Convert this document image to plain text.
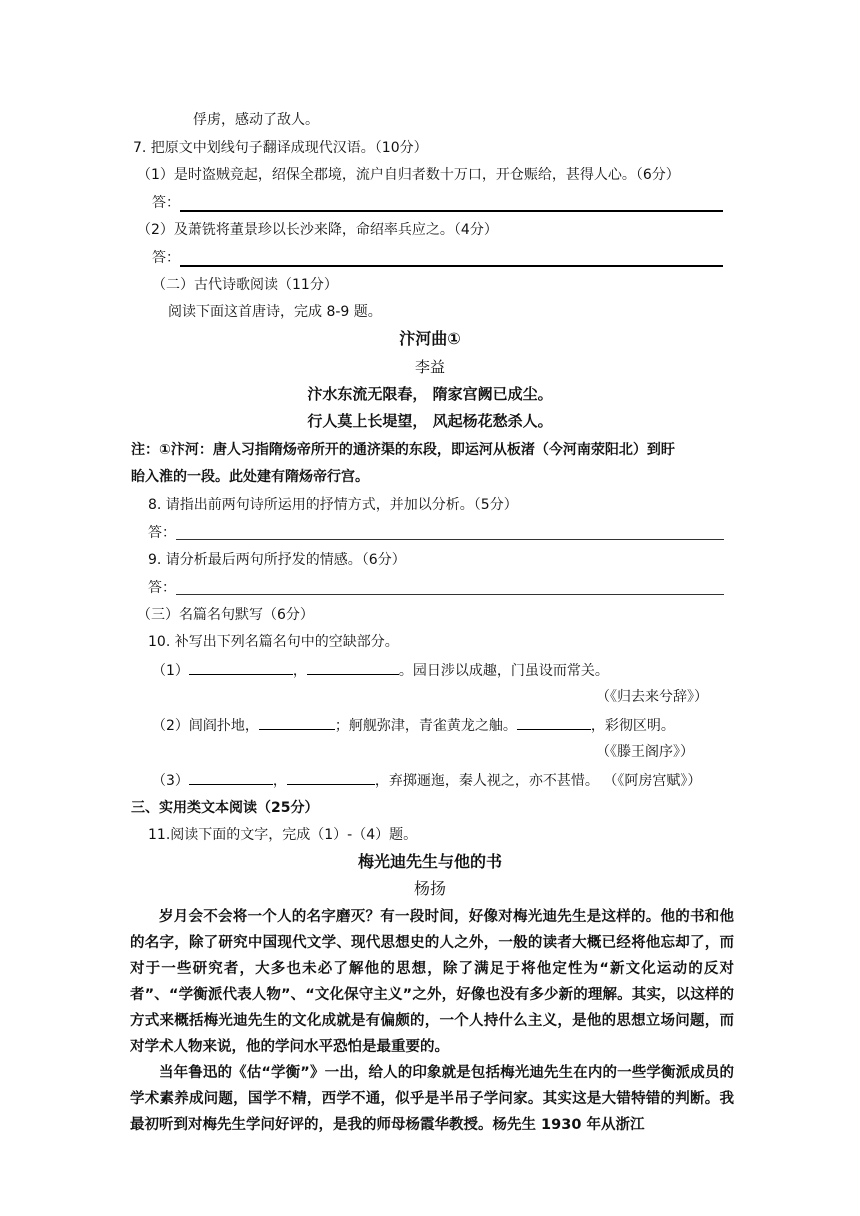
俘虏，感动了敌人。
7. 把原文中划线句子翻译成现代汉语。（10分）
（1）是时盗贼竞起，绍保全郡境，流户自归者数十万口，开仓赈给，甚得人心。（6分）
答：
（2）及萧铣将董景珍以长沙来降，命绍率兵应之。（4分）
答：
（二）古代诗歌阅读（11分）
阅读下面这首唐诗，完成 8-9 题。
汴河曲①
李益
汴水东流无限春， 隋家宫阙已成尘。
行人莫上长堤望， 风起杨花愁杀人。
注：①汴河：唐人习指隋炀帝所开的通济渠的东段，即运河从板渚（今河南荥阳北）到盱
眙入淮的一段。此处建有隋炀帝行宫。
8. 请指出前两句诗所运用的抒情方式，并加以分析。（5分）
答：
9. 请分析最后两句所抒发的情感。（6分）
答：
（三）名篇名句默写（6分）
10. 补写出下列名篇名句中的空缺部分。
（1）	，	。园日涉以成趣，门虽设而常关。
（《归去来兮辞》）
（2）闾阎扑地，	；舸舰弥津，青雀黄龙之舳。	，彩彻区明。
（《滕王阁序》）
（3）	，	，弃掷逦迤，秦人视之，亦不甚惜。 （《阿房宫赋》）
三、实用类文本阅读（25分）
11.阅读下面的文字，完成（1）-（4）题。
梅光迪先生与他的书
杨扬
岁月会不会将一个人的名字磨灭？有一段时间，好像对梅光迪先生是这样的。他的书和他的名字，除了研究中国现代文学、现代思想史的人之外，一般的读者大概已经将他忘却了，而对于一些研究者，大多也未必了解他的思想，除了满足于将他定性为“新文化运动的反对者”、“学衡派代表人物”、“文化保守主义”之外，好像也没有多少新的理解。其实，以这样的方式来概括梅光迪先生的文化成就是有偏颇的，一个人持什么主义，是他的思想立场问题，而对学术人物来说，他的学问水平恐怕是最重要的。
当年鲁迅的《估“学衡”》一出，给人的印象就是包括梅光迪先生在内的一些学衡派成员的学术素养成问题，国学不精，西学不通，似乎是半吊子学问家。其实这是大错特错的判断。我最初听到对梅先生学问好评的，是我的师母杨霞华教授。杨先生 1930 年从浙江
